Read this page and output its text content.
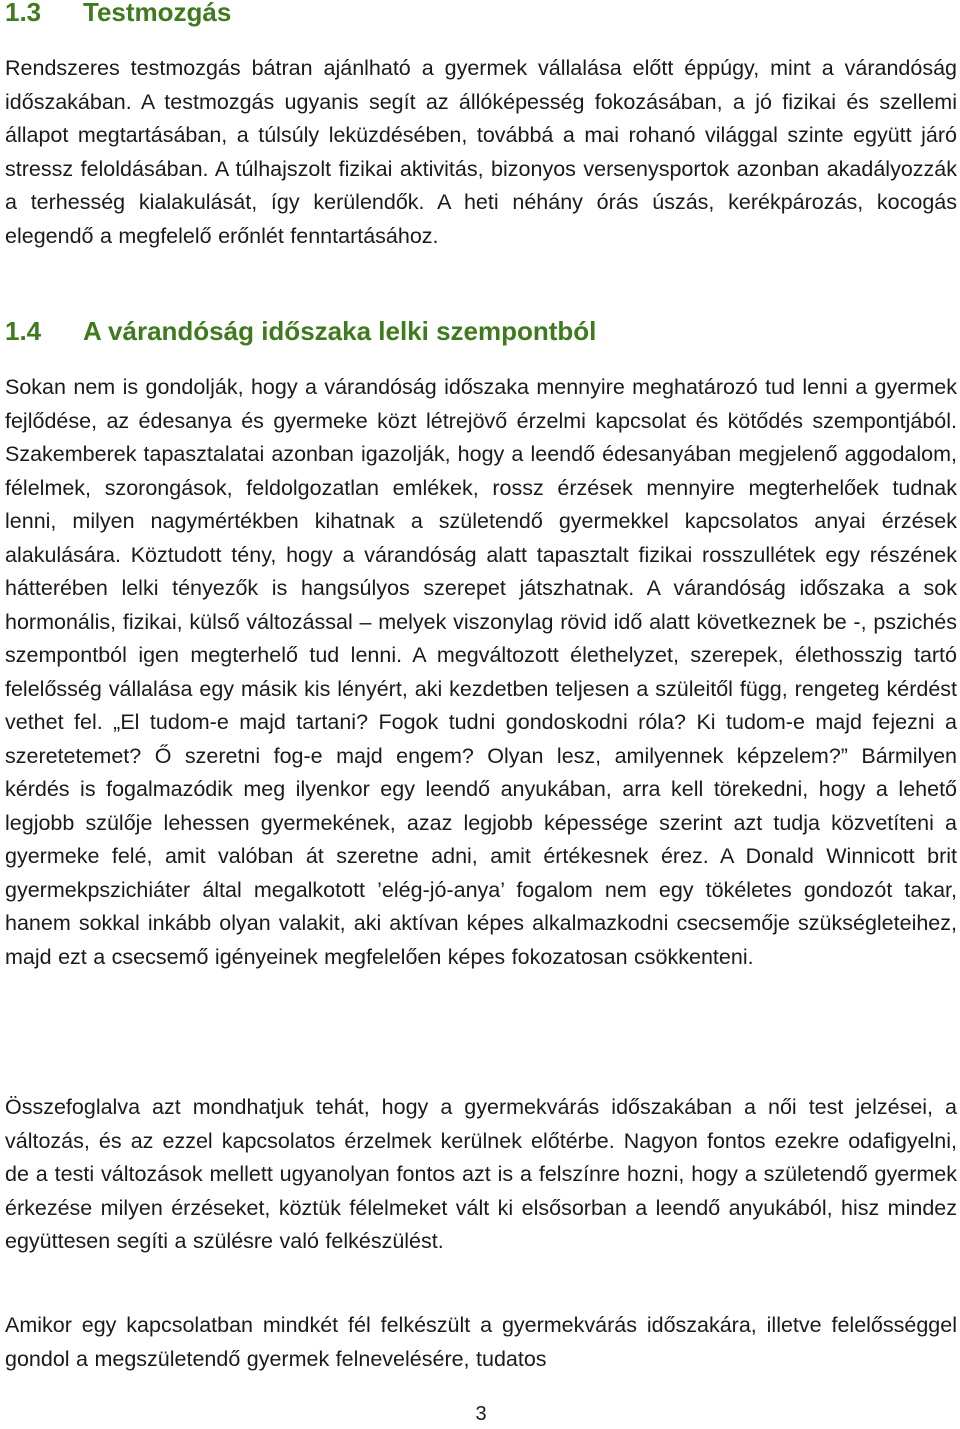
1.3	Testmozgás

Rendszeres testmozgás bátran ajánlható a gyermek vállalása előtt éppúgy, mint a várandóság időszakában. A testmozgás ugyanis segít az állóképesség fokozásában, a jó fizikai és szellemi állapot megtartásában, a túlsúly leküzdésében, továbbá a mai rohanó világgal szinte együtt járó stressz feloldásában. A túlhajszolt fizikai aktivitás, bizonyos versenysportok azonban akadályozzák a terhesség kialakulását, így kerülendők. A heti néhány órás úszás, kerékpározás, kocogás elegendő a megfelelő erőnlét fenntartásához.

1.4	A várandóság időszaka lelki szempontból

Sokan nem is gondolják, hogy a várandóság időszaka mennyire meghatározó tud lenni a gyermek fejlődése, az édesanya és gyermeke közt létrejövő érzelmi kapcsolat és kötődés szempontjából. Szakemberek tapasztalatai azonban igazolják, hogy a leendő édesanyában megjelenő aggodalom, félelmek, szorongások, feldolgozatlan emlékek, rossz érzések mennyire megterhelőek tudnak lenni, milyen nagymértékben kihatnak a születendő gyermekkel kapcsolatos anyai érzések alakulására. Köztudott tény, hogy a várandóság alatt tapasztalt fizikai rosszullétek egy részének hátterében lelki tényezők is hangsúlyos szerepet játszhatnak. A várandóság időszaka a sok hormonális, fizikai, külső változással – melyek viszonylag rövid idő alatt következnek be -, pszichés szempontból igen megterhelő tud lenni. A megváltozott élethelyzet, szerepek, élethosszig tartó felelősség vállalása egy másik kis lényért, aki kezdetben teljesen a szüleitől függ, rengeteg kérdést vethet fel. „El tudom-e majd tartani? Fogok tudni gondoskodni róla? Ki tudom-e majd fejezni a szeretetemet? Ő szeretni fog-e majd engem? Olyan lesz, amilyennek képzelem?” Bármilyen kérdés is fogalmazódik meg ilyenkor egy leendő anyukában, arra kell törekedni, hogy a lehető legjobb szülője lehessen gyermekének, azaz legjobb képessége szerint azt tudja közvetíteni a gyermeke felé, amit valóban át szeretne adni, amit értékesnek érez. A Donald Winnicott brit gyermekpszichiáter által megalkotott ’elég-jó-anya’ fogalom nem egy tökéletes gondozót takar, hanem sokkal inkább olyan valakit, aki aktívan képes alkalmazkodni csecsemője szükségleteihez, majd ezt a csecsemő igényeinek megfelelően képes fokozatosan csökkenteni.

Összefoglalva azt mondhatjuk tehát, hogy a gyermekvárás időszakában a női test jelzései, a változás, és az ezzel kapcsolatos érzelmek kerülnek előtérbe. Nagyon fontos ezekre odafigyelni, de a testi változások mellett ugyanolyan fontos azt is a felszínre hozni, hogy a születendő gyermek érkezése milyen érzéseket, köztük félelmeket vált ki elsősorban a leendő anyukából, hisz mindez együttesen segíti a szülésre való felkészülést.

Amikor egy kapcsolatban mindkét fél felkészült a gyermekvárás időszakára, illetve felelősséggel gondol a megszületendő gyermek felnevelésére, tudatos

3
